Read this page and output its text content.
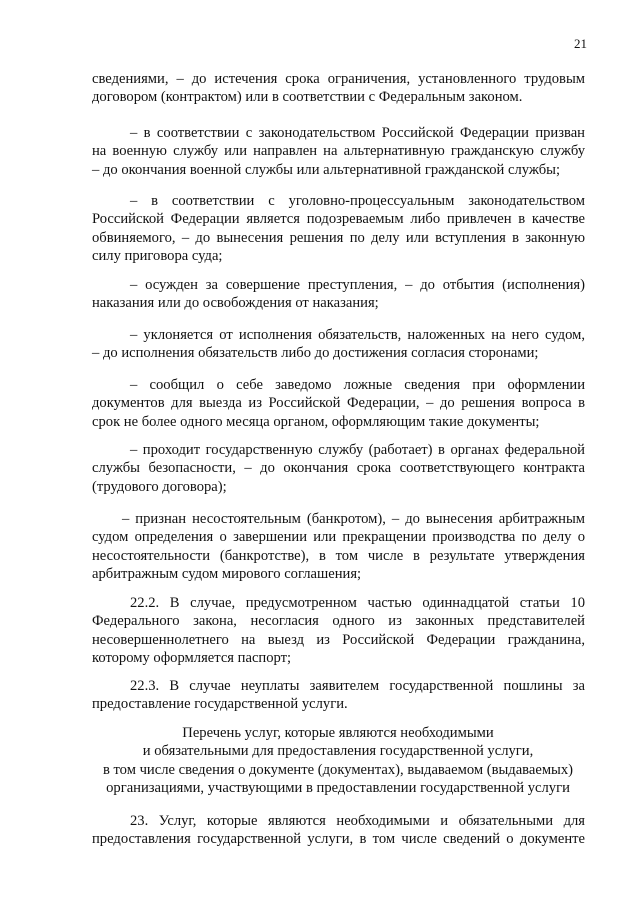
21
сведениями, – до истечения срока ограничения, установленного трудовым
договором (контрактом) или в соответствии с Федеральным законом.
– в соответствии с законодательством Российской Федерации призван
на военную службу или направлен на альтернативную гражданскую службу
– до окончания военной службы или альтернативной гражданской службы;
– в соответствии с уголовно-процессуальным законодательством
Российской Федерации является подозреваемым либо привлечен в качестве
обвиняемого, – до вынесения решения по делу или вступления в законную
силу приговора суда;
– осужден за совершение преступления, – до отбытия (исполнения)
наказания или до освобождения от наказания;
– уклоняется от исполнения обязательств, наложенных на него судом,
– до исполнения обязательств либо до достижения согласия сторонами;
– сообщил о себе заведомо ложные сведения при оформлении
документов для выезда из Российской Федерации, – до решения вопроса в
срок не более одного месяца органом, оформляющим такие документы;
– проходит государственную службу (работает) в органах федеральной
службы безопасности, – до окончания срока соответствующего контракта
(трудового договора);
– признан несостоятельным (банкротом), – до вынесения арбитражным
судом определения о завершении или прекращении производства по делу о
несостоятельности (банкротстве), в том числе в результате утверждения
арбитражным судом мирового соглашения;
22.2. В случае, предусмотренном частью одиннадцатой статьи 10
Федерального закона, несогласия одного из законных представителей
несовершеннолетнего на выезд из Российской Федерации гражданина,
которому оформляется паспорт;
22.3. В случае неуплаты заявителем государственной пошлины за
предоставление государственной услуги.
Перечень услуг, которые являются необходимыми
и обязательными для предоставления государственной услуги,
в том числе сведения о документе (документах), выдаваемом (выдаваемых)
организациями, участвующими в предоставлении государственной услуги
23. Услуг, которые являются необходимыми и обязательными для
предоставления государственной услуги, в том числе сведений о документе
